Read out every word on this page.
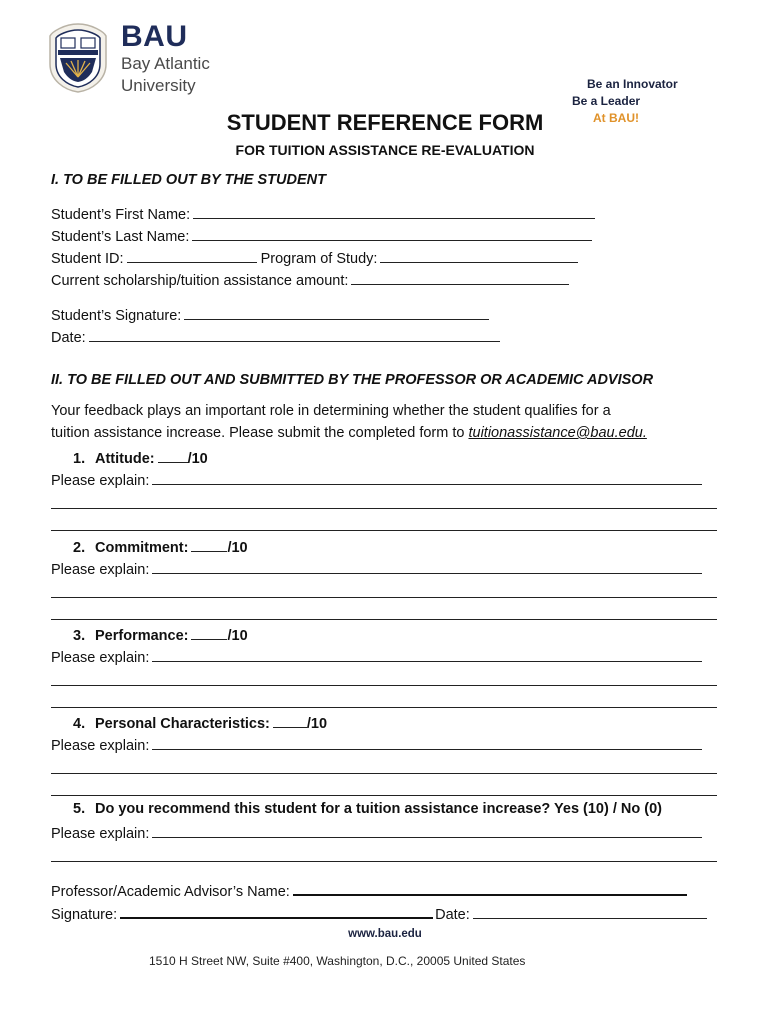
BAU
Bay Atlantic
University	Be an Innovator
Be a Leader
At BAU!
STUDENT REFERENCE FORM
FOR TUITION ASSISTANCE RE-EVALUATION
I. TO BE FILLED OUT BY THE STUDENT
Student’s First Name:
Student’s Last Name:
Student ID:	Program of Study:
Current scholarship/tuition assistance amount:
Student’s Signature:
Date:
II. TO BE FILLED OUT AND SUBMITTED BY THE PROFESSOR OR ACADEMIC ADVISOR
Your feedback plays an important role in determining whether the student qualifies for a
tuition assistance increase. Please submit the completed form to tuitionassistance@bau.edu.
1. Attitude: /10
Please explain:
2. Commitment:	/10
Please explain:
3. Performance:	/10
Please explain:
4. Personal Characteristics:	/10
Please explain:
5. Do you recommend this student for a tuition assistance increase? Yes (10) / No (0)
Please explain:
Professor/Academic Advisor’s Name:
Signature:	Date:
www.bau.edu
1510 H Street NW, Suite #400, Washington, D.C., 20005 United States
